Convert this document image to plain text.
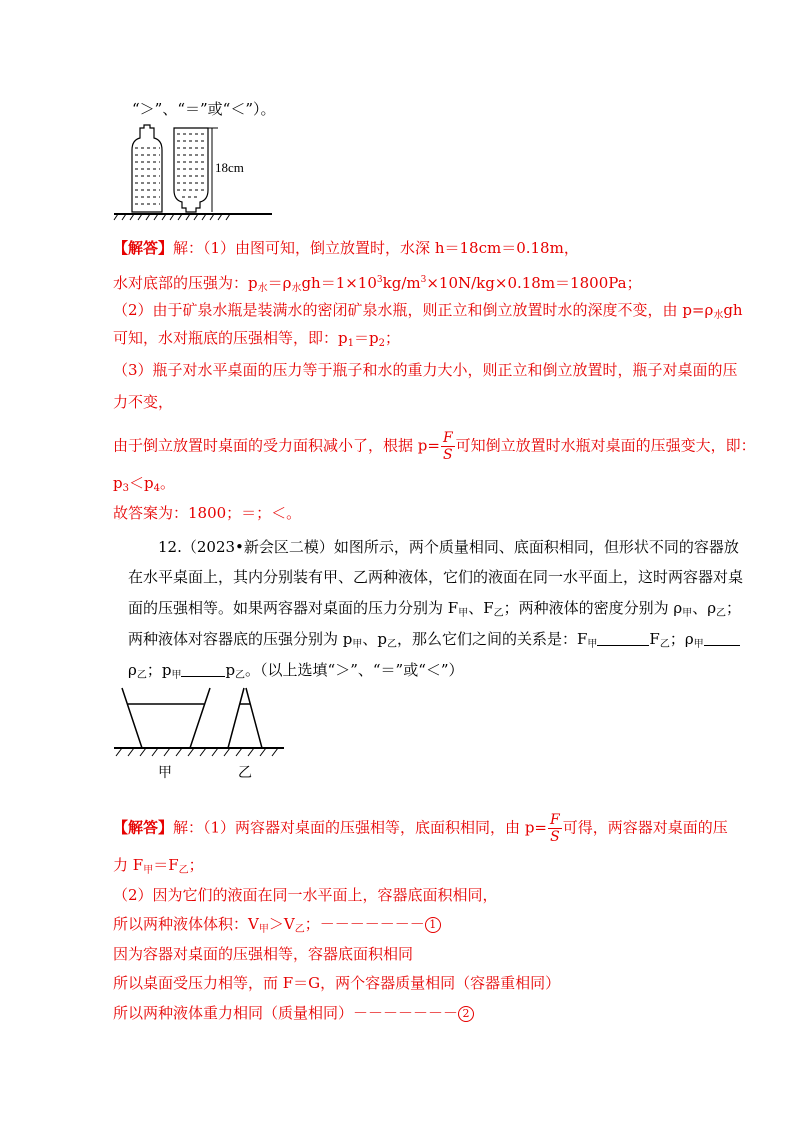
“＞”、“＝”或“＜”）。
18cm
【解答】解：（1）由图可知，倒立放置时，水深 h＝18cm＝0.18m，
水对底部的压强为：$p_水=\rho_水gh=1\times 10^3kg/m^3\times 10N/kg\times 0.18m=1800Pa$；
（2）由于矿泉水瓶是装满水的密闭矿泉水瓶，则正立和倒立放置时水的深度不变，由 $p=\rho_水gh$
可知，水对瓶底的压强相等，即：$p_1=p_2$；
（3）瓶子对水平桌面的压力等于瓶子和水的重力大小，则正立和倒立放置时，瓶子对桌面的压
力不变，
由于倒立放置时桌面的受力面积减小了，根据 $p= \frac{F}{S}$ 可知倒立放置时水瓶对桌面的压强变大，即：
$p_3<p_4$。
故答案为：1800；＝；＜。
12.（2023•新会区二模）如图所示，两个质量相同、底面积相同，但形状不同的容器放
在水平桌面上，其内分别装有甲、乙两种液体，它们的液面在同一水平面上，这时两容器对桌
面的压强相等。如果两容器对桌面的压力分别为 $F_甲$、$F_乙$；两种液体的密度分别为 $\rho_甲$、$\rho_乙$；
两种液体对容器底的压强分别为 $p_甲$、$p_乙$，那么它们之间的关系是：$F_甲$	$F_乙$；$\rho_甲$
$\rho_乙$；$p_甲$	$p_乙$。（以上选填“＞”、“＝”或“＜”）
甲	乙
【解答】解：（1）两容器对桌面的压强相等，底面积相同，由 $p= \frac{F}{S}$ 可得，两容器对桌面的压
力 $F_甲=F_乙$；
（2）因为它们的液面在同一水平面上，容器底面积相同，
所以两种液体体积：$V_甲>V_乙$；－－－－－－－ 1
因为容器对桌面的压强相等，容器底面积相同
所以桌面受压力相等，而 F＝G，两个容器质量相同（容器重相同）
所以两种液体重力相同（质量相同）－－－－－－－ 2
